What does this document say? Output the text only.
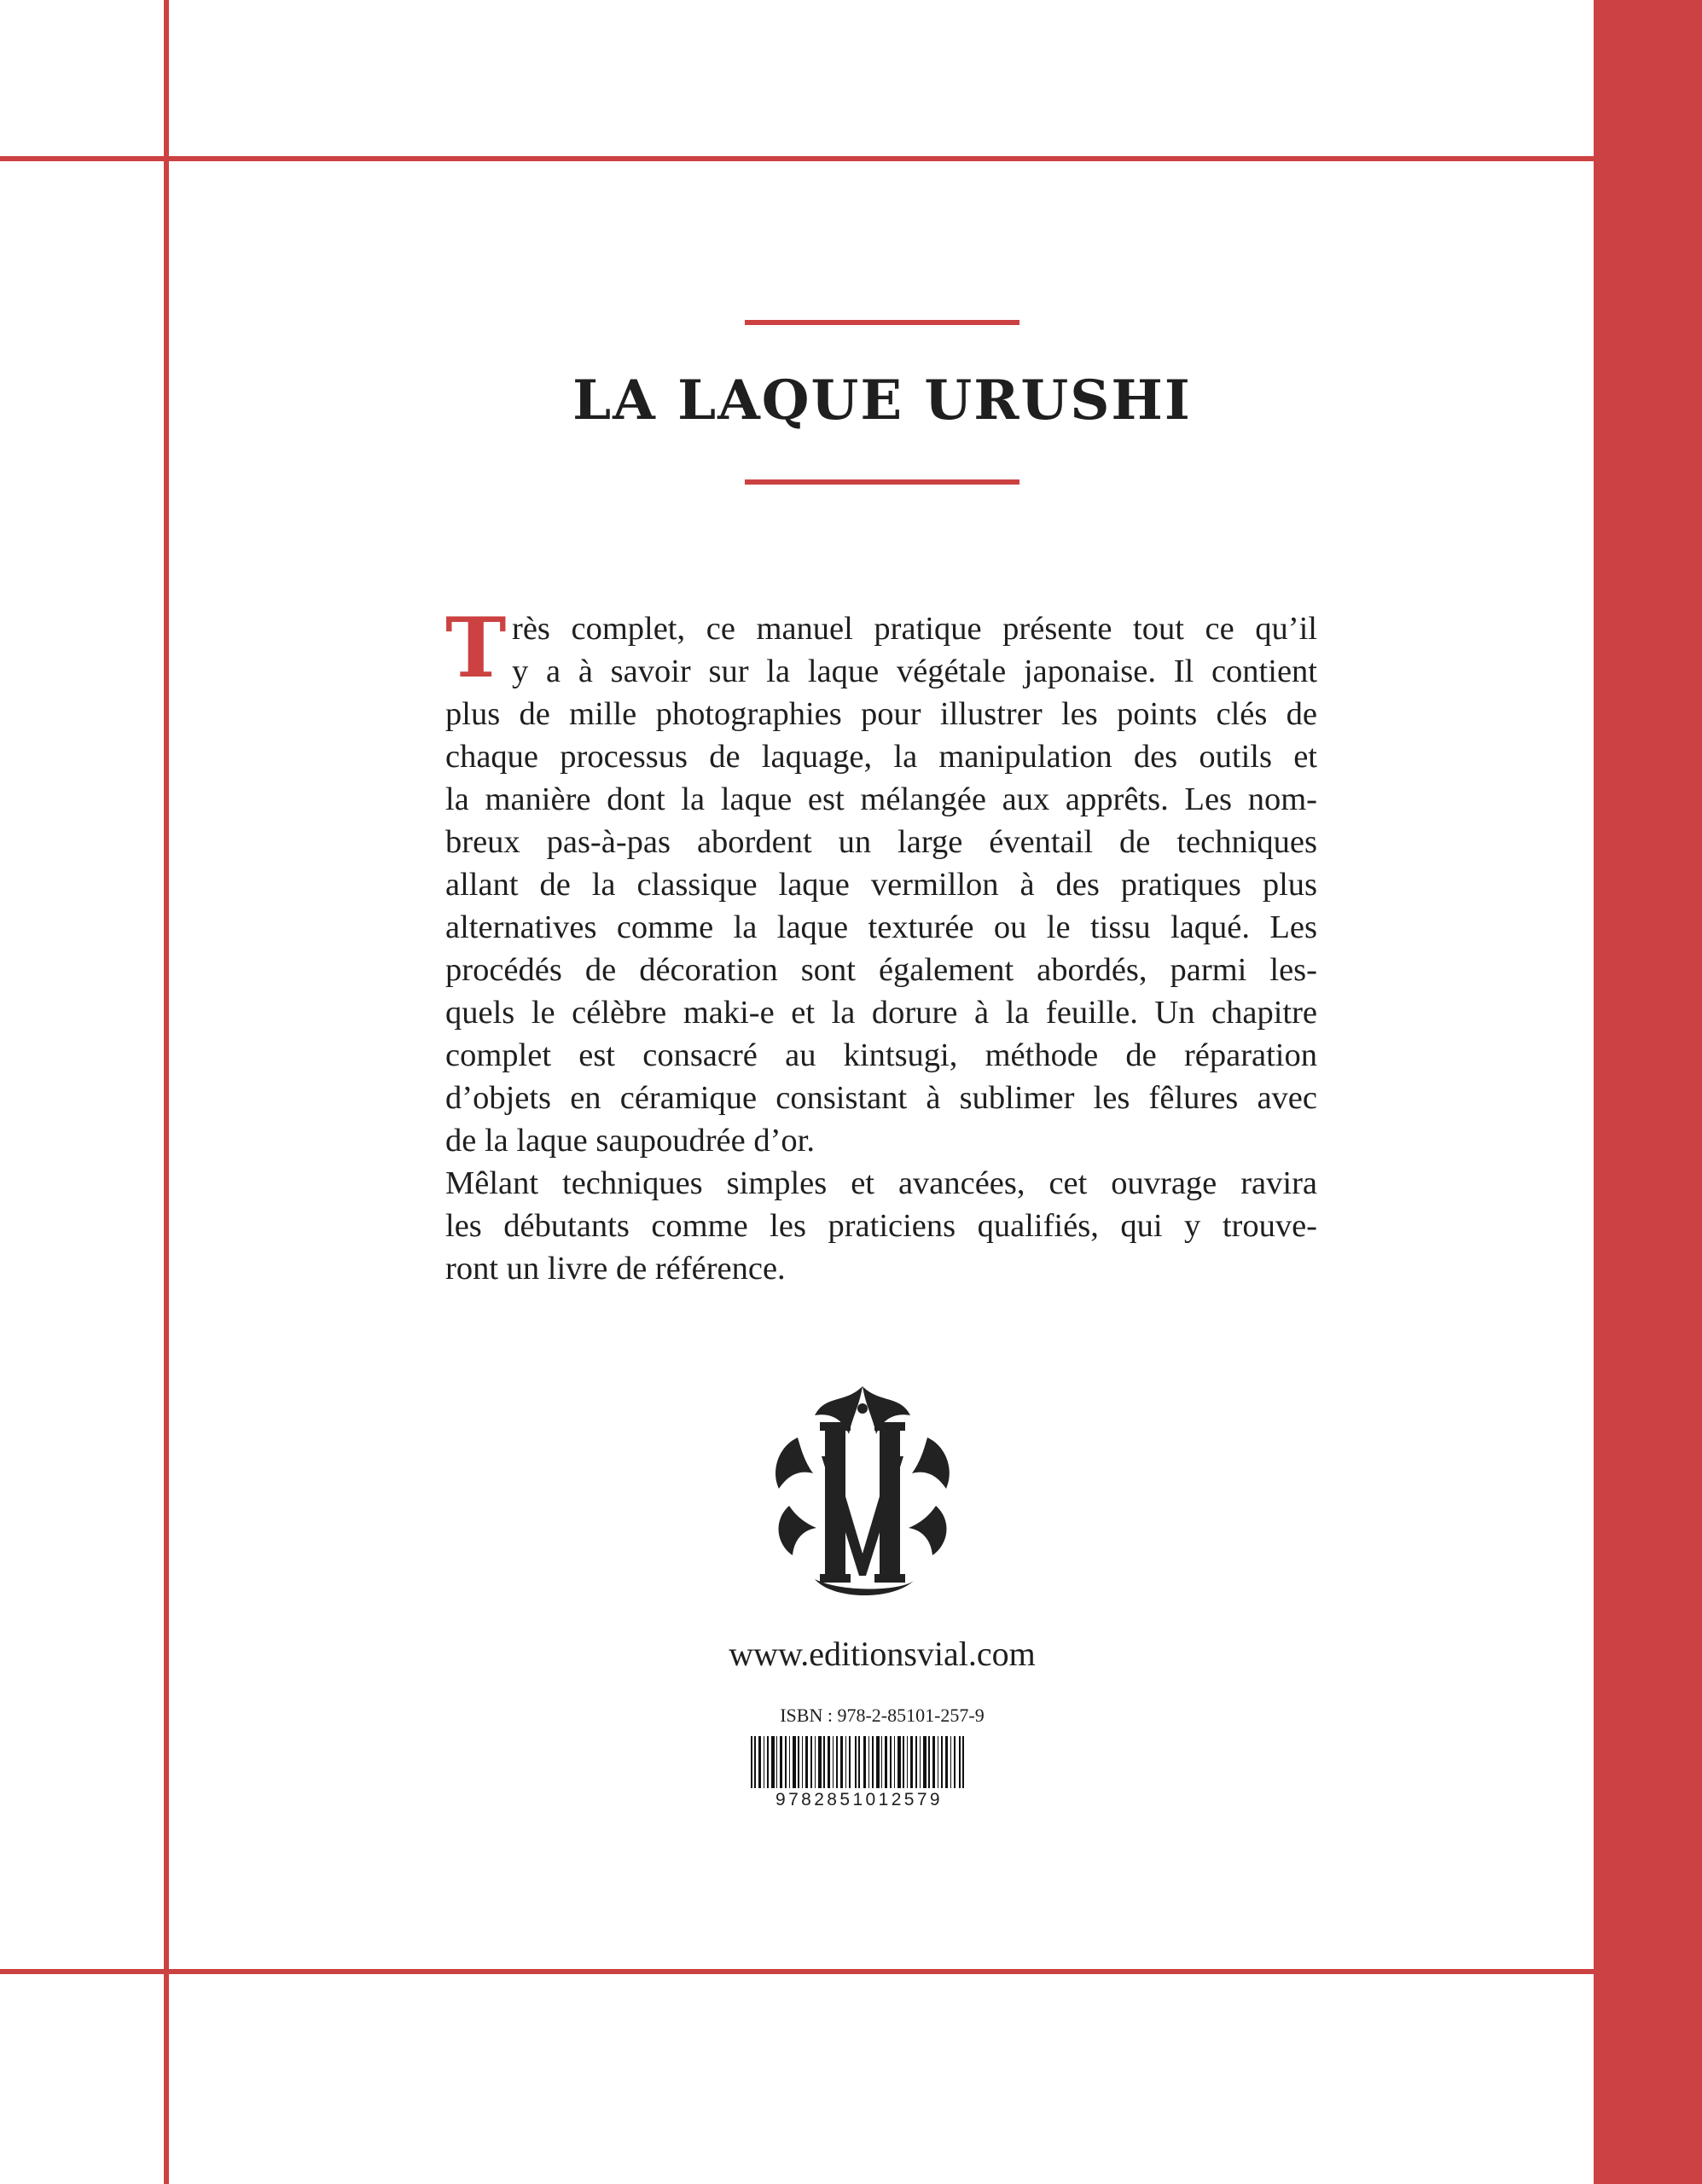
LA LAQUE URUSHI
T rès complet, ce manuel pratique présente tout ce qu’il
y a à savoir sur la laque végétale japonaise. Il contient
plus de mille photographies pour illustrer les points clés de
chaque processus de laquage, la manipulation des outils et
la manière dont la laque est mélangée aux apprêts. Les nom-
breux pas-à-pas abordent un large éventail de techniques
allant de la classique laque vermillon à des pratiques plus
alternatives comme la laque texturée ou le tissu laqué. Les
procédés de décoration sont également abordés, parmi les-
quels le célèbre maki-e et la dorure à la feuille. Un chapitre
complet est consacré au kintsugi, méthode de réparation
d’objets en céramique consistant à sublimer les fêlures avec
de la laque saupoudrée d’or.
Mêlant techniques simples et avancées, cet ouvrage ravira
les débutants comme les praticiens qualifiés, qui y trouve-
ront un livre de référence.
www.editionsvial.com
ISBN : 978-2-85101-257-9
9782851012579
